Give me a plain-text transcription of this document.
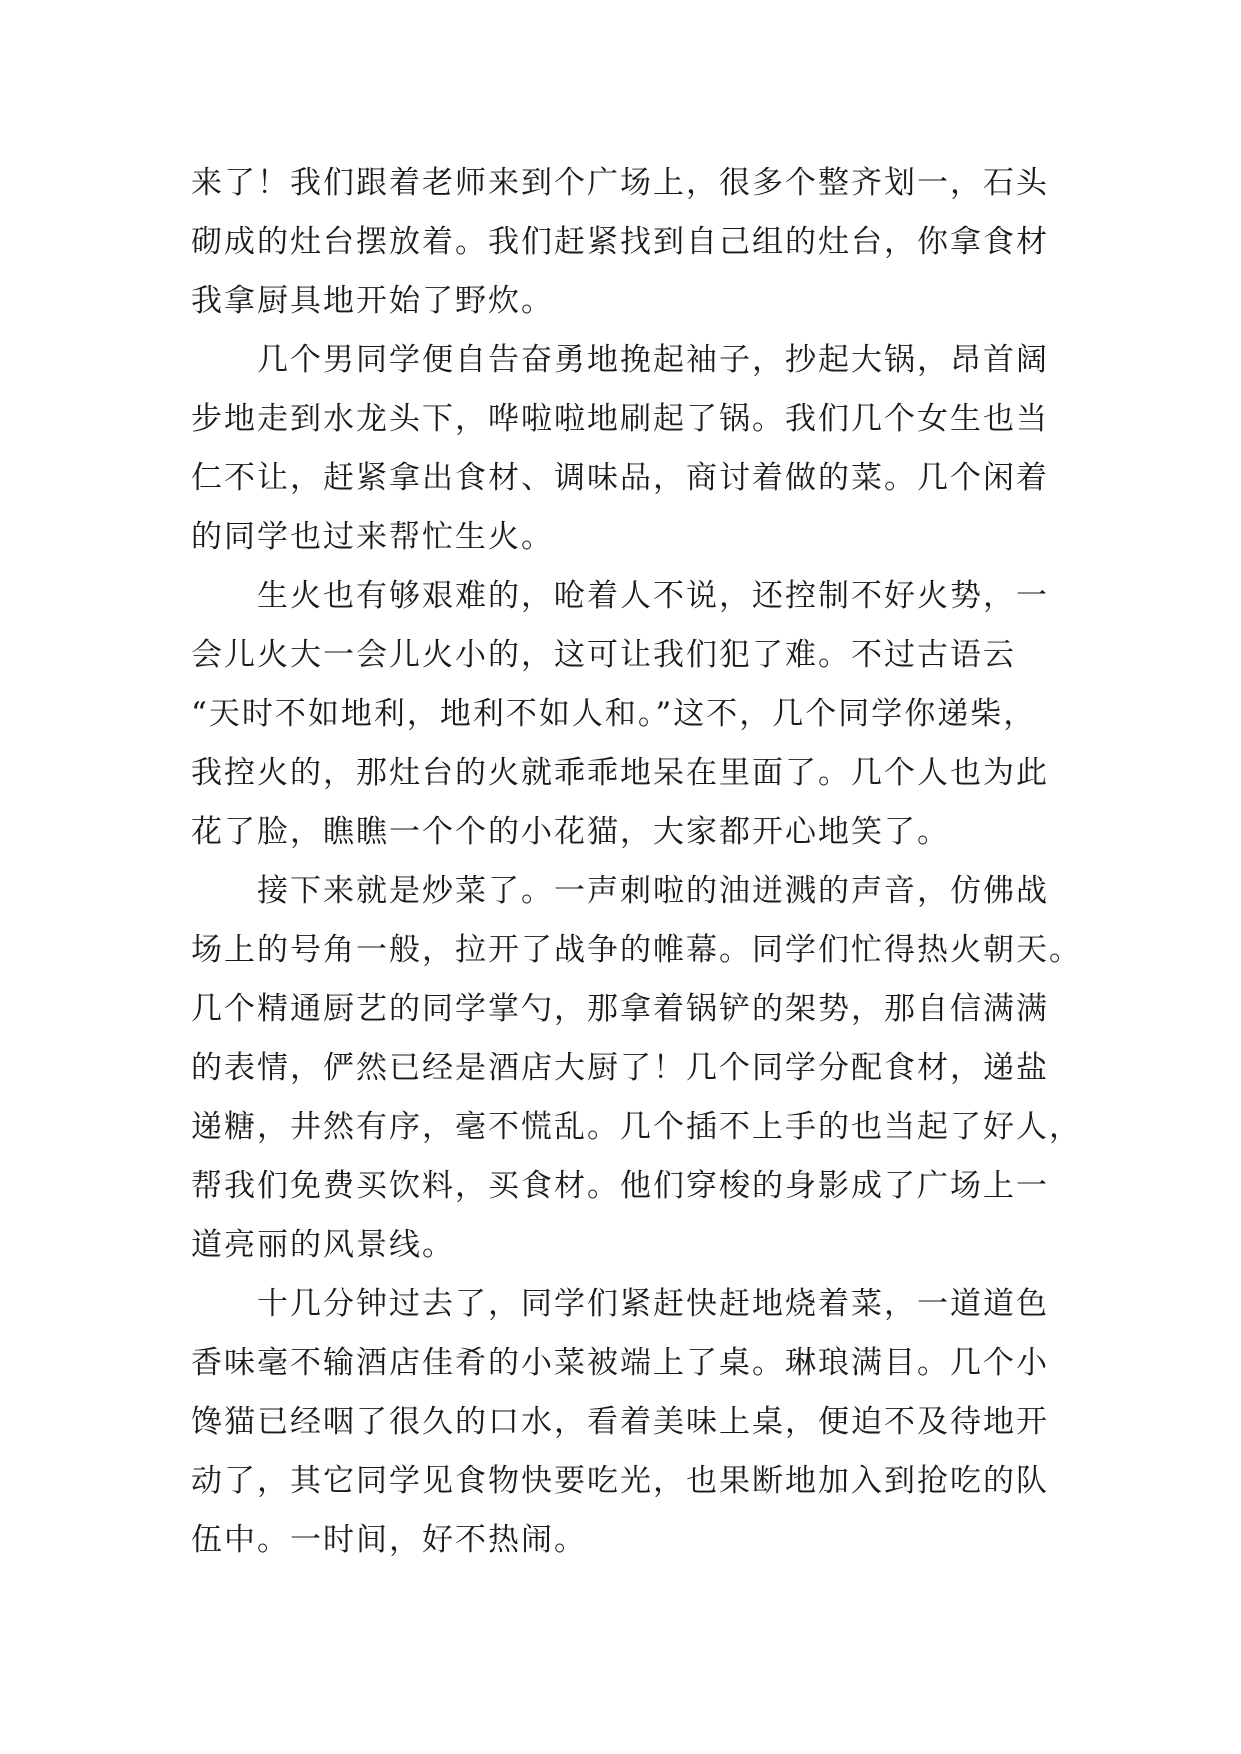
来了！我们跟着老师来到个广场上，很多个整齐划一，石头
砌成的灶台摆放着。我们赶紧找到自己组的灶台，你拿食材
我拿厨具地开始了野炊。
几个男同学便自告奋勇地挽起袖子，抄起大锅，昂首阔
步地走到水龙头下，哗啦啦地刷起了锅。我们几个女生也当
仁不让，赶紧拿出食材、调味品，商讨着做的菜。几个闲着
的同学也过来帮忙生火。
生火也有够艰难的，呛着人不说，还控制不好火势，一
会儿火大一会儿火小的，这可让我们犯了难。不过古语云
“天时不如地利，地利不如人和。”这不，几个同学你递柴，
我控火的，那灶台的火就乖乖地呆在里面了。几个人也为此
花了脸，瞧瞧一个个的小花猫，大家都开心地笑了。
接下来就是炒菜了。一声刺啦的油迸溅的声音，仿佛战
场上的号角一般，拉开了战争的帷幕。同学们忙得热火朝天。
几个精通厨艺的同学掌勺，那拿着锅铲的架势，那自信满满
的表情，俨然已经是酒店大厨了！几个同学分配食材，递盐
递糖，井然有序，毫不慌乱。几个插不上手的也当起了好人，
帮我们免费买饮料，买食材。他们穿梭的身影成了广场上一
道亮丽的风景线。
十几分钟过去了，同学们紧赶快赶地烧着菜，一道道色
香味毫不输酒店佳肴的小菜被端上了桌。琳琅满目。几个小
馋猫已经咽了很久的口水，看着美味上桌，便迫不及待地开
动了，其它同学见食物快要吃光，也果断地加入到抢吃的队
伍中。一时间，好不热闹。
